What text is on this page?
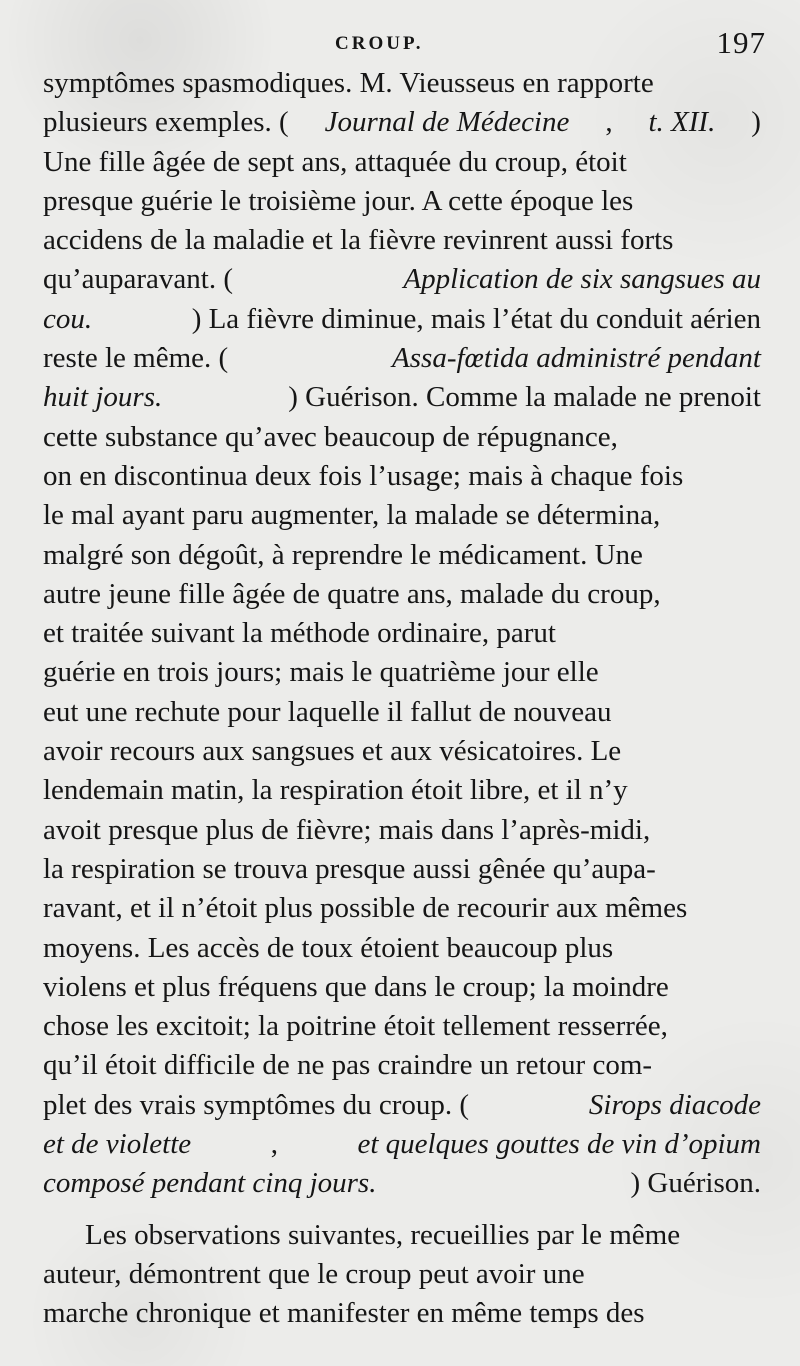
CROUP.	197
symptômes spasmodiques. M. Vieusseus en rapporte
plusieurs exemples. ( Journal de Médecine , t. XII. )
Une fille âgée de sept ans, attaquée du croup, étoit
presque guérie le troisième jour. A cette époque les
accidens de la maladie et la fièvre revinrent aussi forts
qu’auparavant. (	Application de six sangsues au
cou.	) La fièvre diminue, mais l’état du conduit aérien
reste le même. (	Assa-fœtida administré pendant
huit jours.	) Guérison. Comme la malade ne prenoit
cette substance qu’avec beaucoup de répugnance,
on en discontinua deux fois l’usage; mais à chaque fois
le mal ayant paru augmenter, la malade se détermina,
malgré son dégoût, à reprendre le médicament. Une
autre jeune fille âgée de quatre ans, malade du croup,
et traitée suivant la méthode ordinaire, parut
guérie en trois jours; mais le quatrième jour elle
eut une rechute pour laquelle il fallut de nouveau
avoir recours aux sangsues et aux vésicatoires. Le
lendemain matin, la respiration étoit libre, et il n’y
avoit presque plus de fièvre; mais dans l’après-midi,
la respiration se trouva presque aussi gênée qu’aupa-
ravant, et il n’étoit plus possible de recourir aux mêmes
moyens. Les accès de toux étoient beaucoup plus
violens et plus fréquens que dans le croup; la moindre
chose les excitoit; la poitrine étoit tellement resserrée,
qu’il étoit difficile de ne pas craindre un retour com-
plet des vrais symptômes du croup. (	Sirops diacode
et de violette	,	et quelques gouttes de vin d’opium
composé pendant cinq jours.	) Guérison.
Les observations suivantes, recueillies par le même
auteur, démontrent que le croup peut avoir une
marche chronique et manifester en même temps des
